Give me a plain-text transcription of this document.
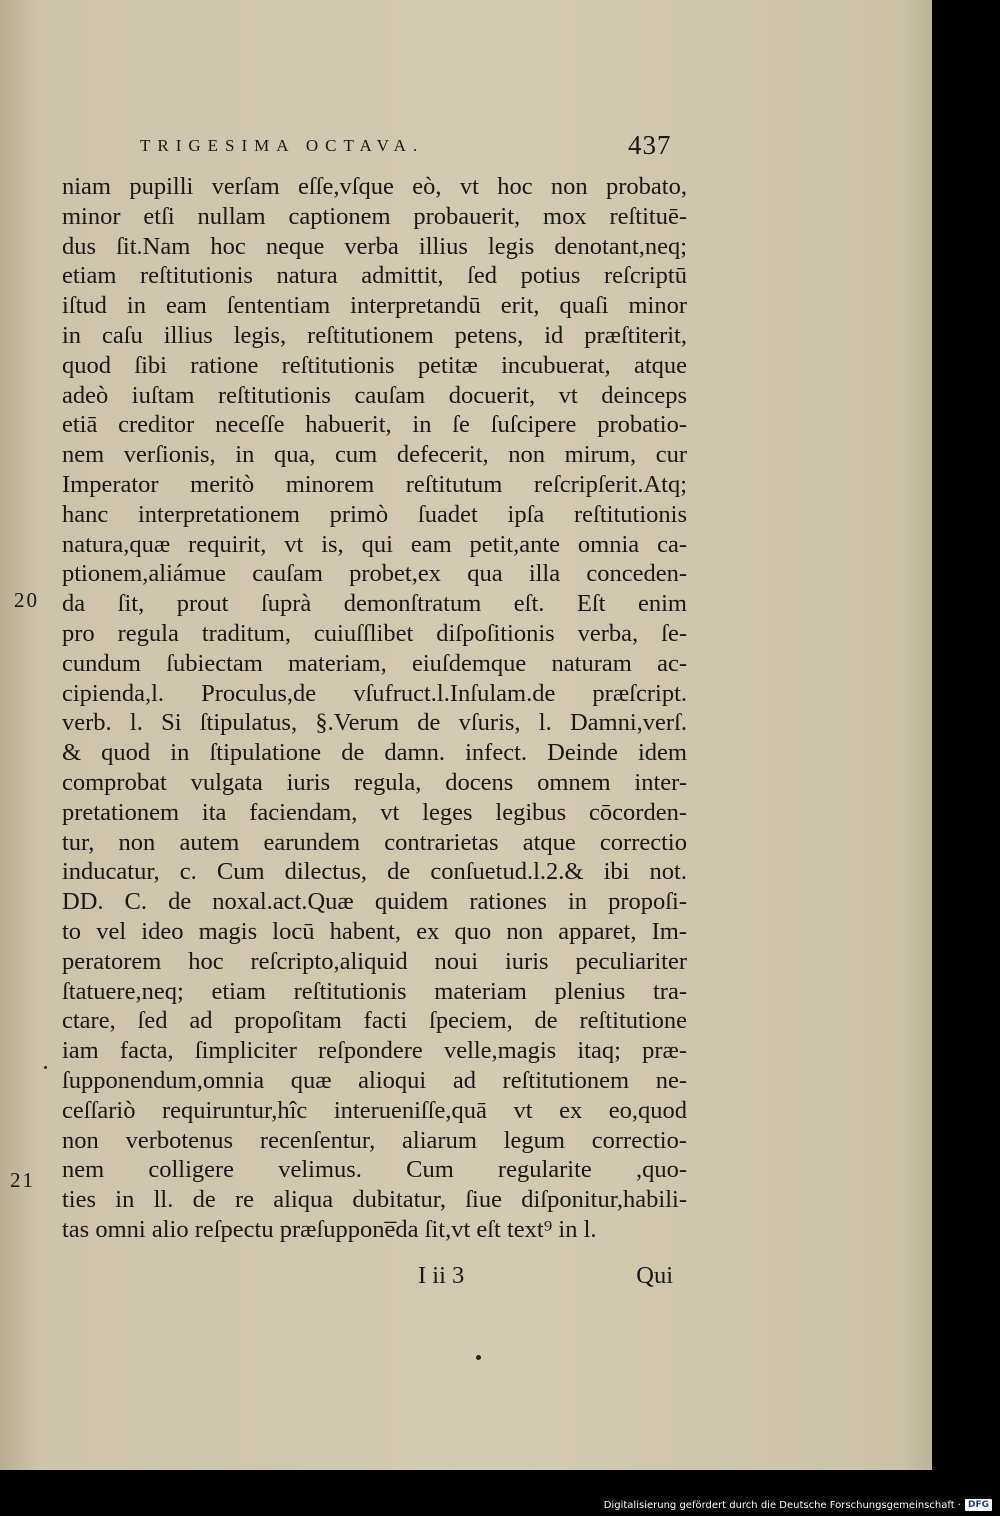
TRIGESIMA OCTAVA.	437
niam pupilli verſam eſſe,vſque eò, vt hoc non probato,
minor etſi nullam captionem probauerit, mox reſtituē-
dus ſit.Nam hoc neque verba illius legis denotant,neq;
etiam reſtitutionis natura admittit, ſed potius reſcriptū
iſtud in eam ſententiam interpretandū erit, quaſi minor
in caſu illius legis, reſtitutionem petens, id præſtiterit,
quod ſibi ratione reſtitutionis petitæ incubuerat, atque
adeò iuſtam reſtitutionis cauſam docuerit, vt deinceps
etiā creditor neceſſe habuerit, in ſe ſuſcipere probatio-
nem verſionis, in qua, cum defecerit, non mirum, cur
Imperator meritò minorem reſtitutum reſcripſerit.Atq;
hanc interpretationem primò ſuadet ipſa reſtitutionis
natura,quæ requirit, vt is, qui eam petit,ante omnia ca-
ptionem,aliámue cauſam probet,ex qua illa conceden-
da ſit, prout ſuprà demonſtratum eſt. Eſt enim
pro regula traditum, cuiuſſlibet diſpoſitionis verba, ſe-
cundum ſubiectam materiam, eiuſdemque naturam ac-
cipienda,l. Proculus,de vſufruct.l.Inſulam.de præſcript.
verb. l. Si ſtipulatus, §.Verum de vſuris, l. Damni,verſ.
& quod in ſtipulatione de damn. infect. Deinde idem
comprobat vulgata iuris regula, docens omnem inter-
pretationem ita faciendam, vt leges legibus cōcorden-
tur, non autem earundem contrarietas atque correctio
inducatur, c. Cum dilectus, de conſuetud.l.2.& ibi not.
DD. C. de noxal.act.Quæ quidem rationes in propoſi-
to vel ideo magis locū habent, ex quo non apparet, Im-
peratorem hoc reſcripto,aliquid noui iuris peculiariter
ſtatuere,neq; etiam reſtitutionis materiam plenius tra-
ctare, ſed ad propoſitam facti ſpeciem, de reſtitutione
iam facta, ſimpliciter reſpondere velle,magis itaq; præ-
ſupponendum,omnia quæ alioqui ad reſtitutionem ne-
ceſſariò requiruntur,hîc interueniſſe,quā vt ex eo,quod
non verbotenus recenſentur, aliarum legum correctio-
nem colligere velimus. Cum regularite ,quo-
ties in ll. de re aliqua dubitatur, ſiue diſponitur,habili-
tas omni alio reſpectu præſuppone̅da ſit,vt eſt text⁹ in l.
20
21
I ii 3	Qui
Digitalisierung gefördert durch die Deutsche Forschungsgemeinschaft · DFG
